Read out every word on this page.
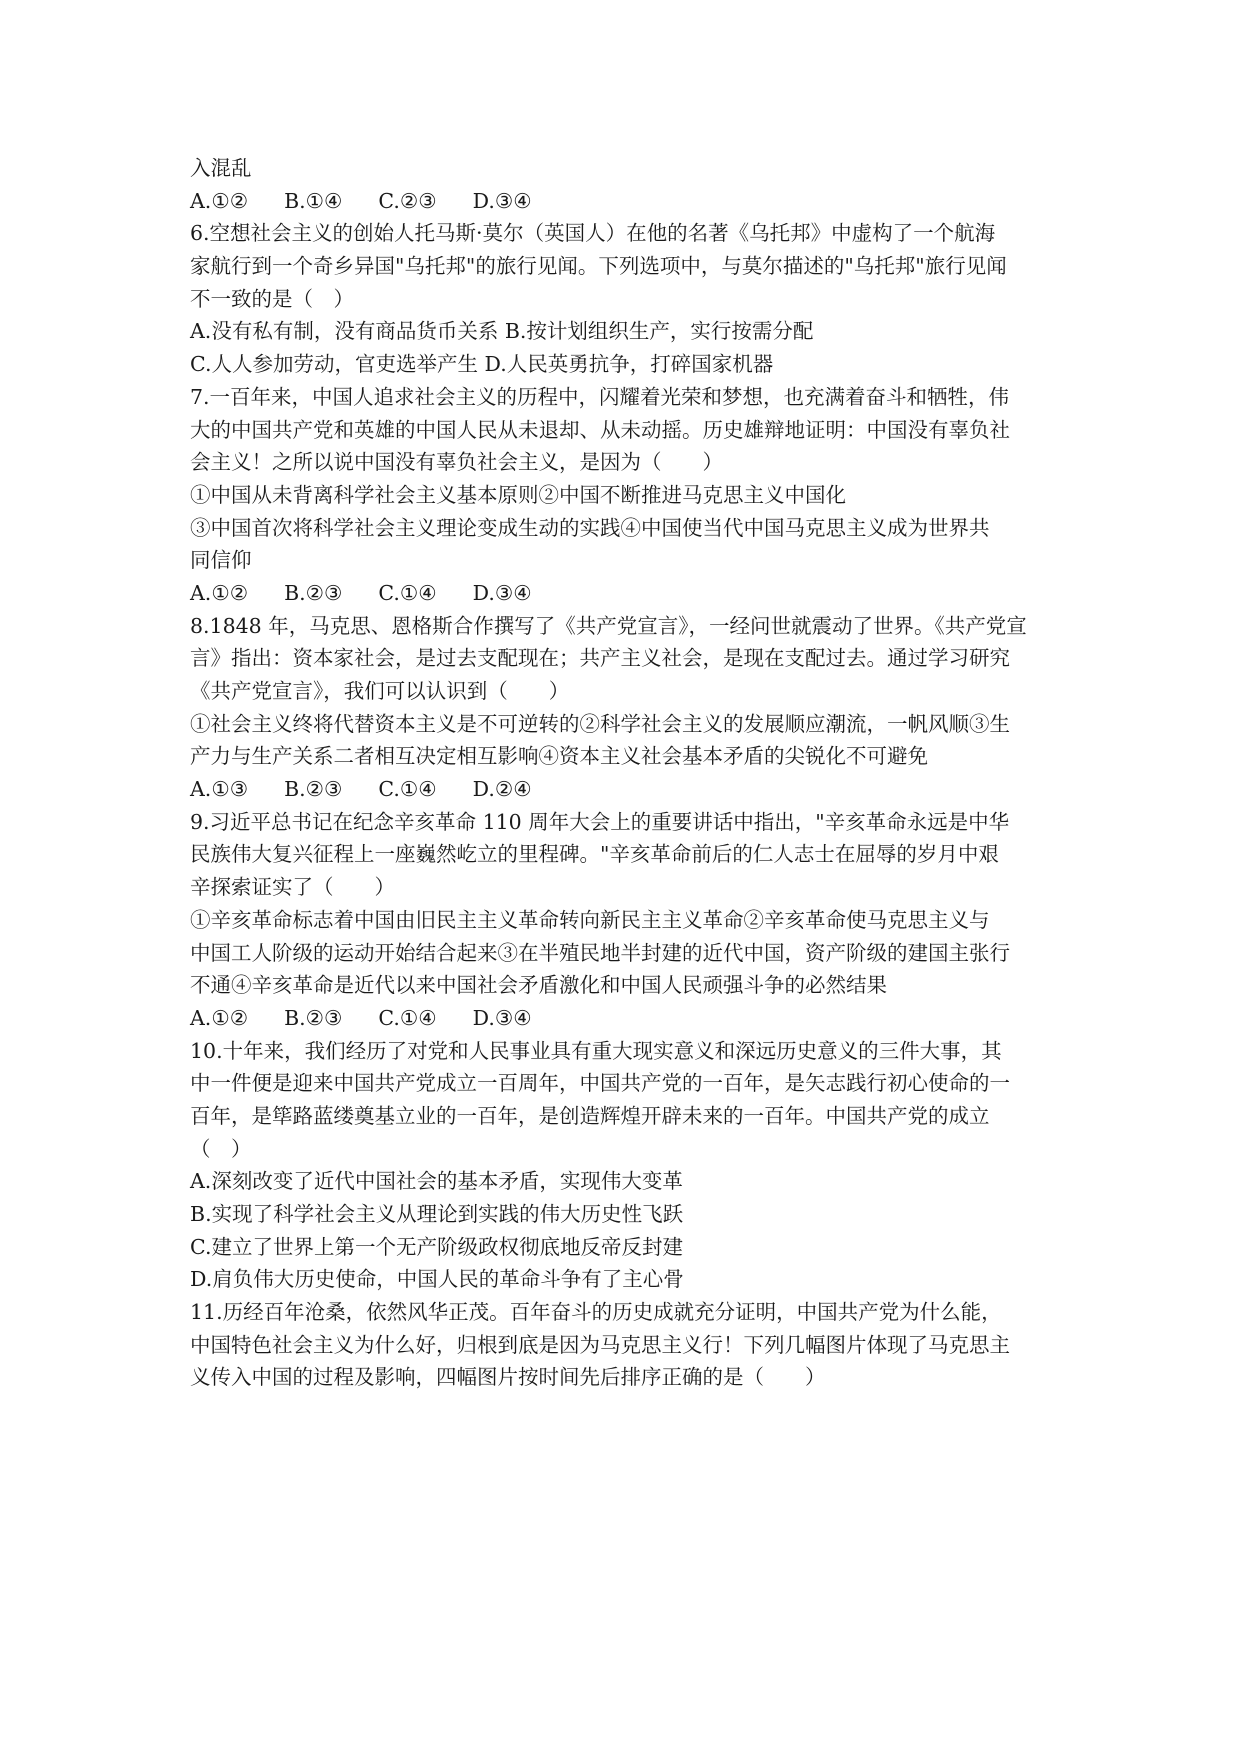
入混乱
A.①② B.①④ C.②③ D.③④
6.空想社会主义的创始人托马斯·莫尔（英国人）在他的名著《乌托邦》中虚构了一个航海
家航行到一个奇乡异国"乌托邦"的旅行见闻。下列选项中，与莫尔描述的"乌托邦"旅行见闻
不一致的是（　）
A.没有私有制，没有商品货币关系 B.按计划组织生产，实行按需分配
C.人人参加劳动，官吏选举产生 D.人民英勇抗争，打碎国家机器
7.一百年来，中国人追求社会主义的历程中，闪耀着光荣和梦想，也充满着奋斗和牺牲，伟
大的中国共产党和英雄的中国人民从未退却、从未动摇。历史雄辩地证明：中国没有辜负社
会主义！之所以说中国没有辜负社会主义，是因为（　　）
①中国从未背离科学社会主义基本原则②中国不断推进马克思主义中国化
③中国首次将科学社会主义理论变成生动的实践④中国使当代中国马克思主义成为世界共
同信仰
A.①② B.②③ C.①④ D.③④
8.1848 年，马克思、恩格斯合作撰写了《共产党宣言》，一经问世就震动了世界。《共产党宣
言》指出：资本家社会，是过去支配现在；共产主义社会，是现在支配过去。通过学习研究
《共产党宣言》，我们可以认识到（　　）
①社会主义终将代替资本主义是不可逆转的②科学社会主义的发展顺应潮流，一帆风顺③生
产力与生产关系二者相互决定相互影响④资本主义社会基本矛盾的尖锐化不可避免
A.①③ B.②③ C.①④ D.②④
9.习近平总书记在纪念辛亥革命 110 周年大会上的重要讲话中指出，"辛亥革命永远是中华
民族伟大复兴征程上一座巍然屹立的里程碑。"辛亥革命前后的仁人志士在屈辱的岁月中艰
辛探索证实了（　　）
①辛亥革命标志着中国由旧民主主义革命转向新民主主义革命②辛亥革命使马克思主义与
中国工人阶级的运动开始结合起来③在半殖民地半封建的近代中国，资产阶级的建国主张行
不通④辛亥革命是近代以来中国社会矛盾激化和中国人民顽强斗争的必然结果
A.①② B.②③ C.①④ D.③④
10.十年来，我们经历了对党和人民事业具有重大现实意义和深远历史意义的三件大事，其
中一件便是迎来中国共产党成立一百周年，中国共产党的一百年，是矢志践行初心使命的一
百年，是筚路蓝缕奠基立业的一百年，是创造辉煌开辟未来的一百年。中国共产党的成立
（　）
A.深刻改变了近代中国社会的基本矛盾，实现伟大变革
B.实现了科学社会主义从理论到实践的伟大历史性飞跃
C.建立了世界上第一个无产阶级政权彻底地反帝反封建
D.肩负伟大历史使命，中国人民的革命斗争有了主心骨
11.历经百年沧桑，依然风华正茂。百年奋斗的历史成就充分证明，中国共产党为什么能，
中国特色社会主义为什么好，归根到底是因为马克思主义行！下列几幅图片体现了马克思主
义传入中国的过程及影响，四幅图片按时间先后排序正确的是（　　）
